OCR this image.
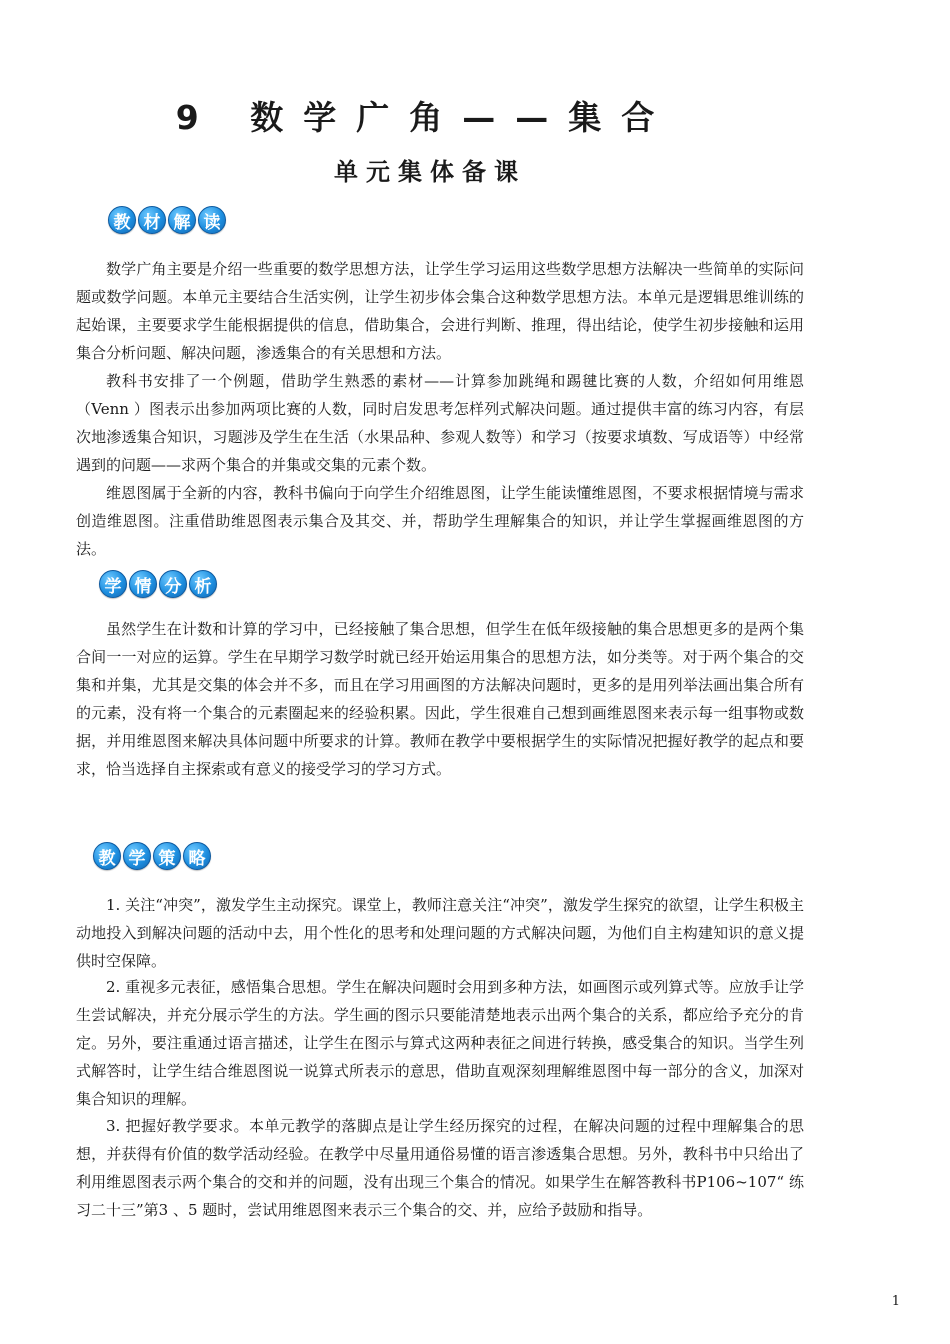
9 数学广角——集合
单元集体备课
教 材 解 读

数学广角主要是介绍一些重要的数学思想方法，让学生学习运用这些数学思想方法解决一些简单的实际问题或数学问题。本单元主要结合生活实例，让学生初步体会集合这种数学思想方法。本单元是逻辑思维训练的起始课，主要要求学生能根据提供的信息，借助集合，会进行判断、推理，得出结论，使学生初步接触和运用集合分析问题、解决问题，渗透集合的有关思想和方法。

教科书安排了一个例题，借助学生熟悉的素材——计算参加跳绳和踢毽比赛的人数，介绍如何用维恩（Venn ）图表示出参加两项比赛的人数，同时启发思考怎样列式解决问题。通过提供丰富的练习内容，有层次地渗透集合知识，习题涉及学生在生活（水果品种、参观人数等）和学习（按要求填数、写成语等）中经常遇到的问题——求两个集合的并集或交集的元素个数。

维恩图属于全新的内容，教科书偏向于向学生介绍维恩图，让学生能读懂维恩图，不要求根据情境与需求创造维恩图。注重借助维恩图表示集合及其交、并，帮助学生理解集合的知识，并让学生掌握画维恩图的方法。

学 情 分 析

虽然学生在计数和计算的学习中，已经接触了集合思想，但学生在低年级接触的集合思想更多的是两个集合间一一对应的运算。学生在早期学习数学时就已经开始运用集合的思想方法，如分类等。对于两个集合的交集和并集，尤其是交集的体会并不多，而且在学习用画图的方法解决问题时，更多的是用列举法画出集合所有的元素，没有将一个集合的元素圈起来的经验积累。因此，学生很难自己想到画维恩图来表示每一组事物或数据，并用维恩图来解决具体问题中所要求的计算。教师在教学中要根据学生的实际情况把握好教学的起点和要求，恰当选择自主探索或有意义的接受学习的学习方式。

教 学 策 略

1. 关注“冲突”，激发学生主动探究。课堂上，教师注意关注“冲突”，激发学生探究的欲望，让学生积极主动地投入到解决问题的活动中去，用个性化的思考和处理问题的方式解决问题，为他们自主构建知识的意义提供时空保障。

2. 重视多元表征，感悟集合思想。学生在解决问题时会用到多种方法，如画图示或列算式等。应放手让学生尝试解决，并充分展示学生的方法。学生画的图示只要能清楚地表示出两个集合的关系，都应给予充分的肯定。另外，要注重通过语言描述，让学生在图示与算式这两种表征之间进行转换，感受集合的知识。当学生列式解答时，让学生结合维恩图说一说算式所表示的意思，借助直观深刻理解维恩图中每一部分的含义，加深对集合知识的理解。

3. 把握好教学要求。本单元教学的落脚点是让学生经历探究的过程，在解决问题的过程中理解集合的思想，并获得有价值的数学活动经验。在教学中尽量用通俗易懂的语言渗透集合思想。另外，教科书中只给出了利用维恩图表示两个集合的交和并的问题，没有出现三个集合的情况。如果学生在解答教科书P106~107“ 练习二十三”第3 、5 题时，尝试用维恩图来表示三个集合的交、并，应给予鼓励和指导。

1
